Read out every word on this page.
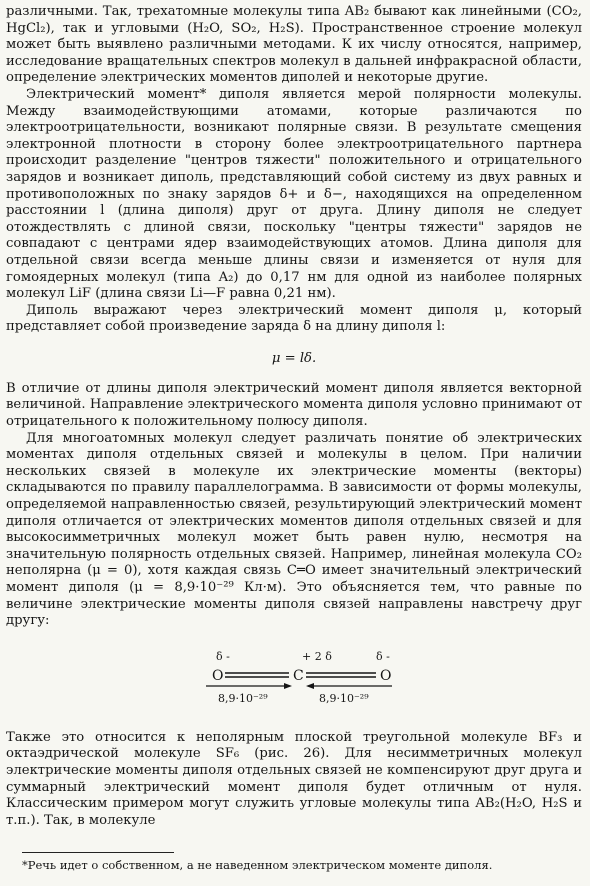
различными. Так, трехатомные молекулы типа AB₂ бывают как линейными (CO₂, HgCl₂), так и угловыми (H₂O, SO₂, H₂S). Пространственное строение молекул может быть выявлено различными методами. К их числу относятся, например, исследование вращательных спектров молекул в дальней инфракрасной области, определение электрических моментов диполей и некоторые другие.

Электрический момент* диполя является мерой полярности молекулы. Между взаимодействующими атомами, которые различаются по электроотрицательности, возникают полярные связи. В результате смещения электронной плотности в сторону более электроотрицательного партнера происходит разделение "центров тяжести" положительного и отрицательного зарядов и возникает диполь, представляющий собой систему из двух равных и противоположных по знаку зарядов δ+ и δ−, находящихся на определенном расстоянии l (длина диполя) друг от друга. Длину диполя не следует отождествлять с длиной связи, поскольку "центры тяжести" зарядов не совпадают с центрами ядер взаимодействующих атомов. Длина диполя для отдельной связи всегда меньше длины связи и изменяется от нуля для гомоядерных молекул (типа A₂) до 0,17 нм для одной из наиболее полярных молекул LiF (длина связи Li—F равна 0,21 нм).

Диполь выражают через электрический момент диполя μ, который представляет собой произведение заряда δ на длину диполя l:

μ = lδ.

В отличие от длины диполя электрический момент диполя является векторной величиной. Направление электрического момента диполя условно принимают от отрицательного к положительному полюсу диполя.

Для многоатомных молекул следует различать понятие об электрических моментах диполя отдельных связей и молекулы в целом. При наличии нескольких связей в молекуле их электрические моменты (векторы) складываются по правилу параллелограмма. В зависимости от формы молекулы, определяемой направленностью связей, результирующий электрический момент диполя отличается от электрических моментов диполя отдельных связей и для высокосимметричных молекул может быть равен нулю, несмотря на значительную полярность отдельных связей. Например, линейная молекула CO₂ неполярна (μ = 0), хотя каждая связь C═O имеет значительный электрический момент диполя (μ = 8,9·10⁻²⁹ Кл·м). Это объясняется тем, что равные по величине электрические моменты диполя связей направлены навстречу друг другу:

δ -	+ 2 δ	δ -
O	C	O
8,9·10⁻²⁹	8,9·10⁻²⁹

Также это относится к неполярным плоской треугольной молекуле BF₃ и октаэдрической молекуле SF₆ (рис. 26). Для несимметричных молекул электрические моменты диполя отдельных связей не компенсируют друг друга и суммарный электрический момент диполя будет отличным от нуля. Классическим примером могут служить угловые молекулы типа AB₂(H₂O, H₂S и т.п.). Так, в молекуле

*Речь идет о собственном, а не наведенном электрическом моменте диполя.
